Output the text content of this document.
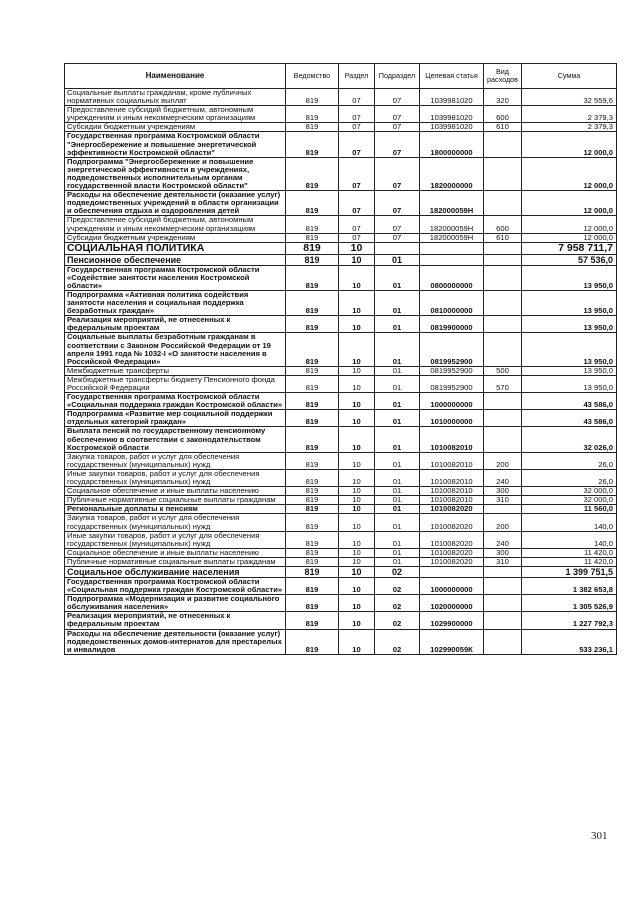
Наименование	Ведомство	Раздел	Подраздел	Целевая статья	Вид расходов	Сумма
Социальные выплаты гражданам, кроме публичных нормативных социальных выплат	819	07	07	1039981020	320	32 559,6
Предоставление субсидий бюджетным, автономным учреждениям и иным некоммерческим организациям	819	07	07	1039981020	600	2 379,3
Субсидии бюджетным учреждениям	819	07	07	1039981020	610	2 379,3
Государственная программа Костромской области "Энергосбережение и повышение энергетической эффективности Костромской области"	819	07	07	1800000000		12 000,0
Подпрограмма "Энергосбережение и повышение энергетической эффективности в учреждениях, подведомственных исполнительным органам государственной власти Костромской области"	819	07	07	1820000000		12 000,0
Расходы на обеспечение деятельности (оказание услуг) подведомственных учреждений в области организации и обеспечения отдыха и оздоровления детей	819	07	07	182000059Н		12 000,0
Предоставление субсидий бюджетным, автономным учреждениям и иным некоммерческим организациям	819	07	07	182000059Н	600	12 000,0
Субсидии бюджетным учреждениям	819	07	07	182000059Н	610	12 000,0
СОЦИАЛЬНАЯ ПОЛИТИКА	819	10				7 958 711,7
Пенсионное обеспечение	819	10	01			57 536,0
Государственная программа Костромской области «Содействие занятости населения Костромской области»	819	10	01	0800000000		13 950,0
Подпрограмма «Активная политика содействия занятости населения и социальная поддержка безработных граждан»	819	10	01	0810000000		13 950,0
Реализация мероприятий, не отнесенных к федеральным проектам	819	10	01	0819900000		13 950,0
Социальные выплаты безработным гражданам в соответствии с Законом Российской Федерации от 19 апреля 1991 года № 1032-I «О занятости населения в Российской Федерации»	819	10	01	0819952900		13 950,0
Межбюджетные трансферты	819	10	01	0819952900	500	13 950,0
Межбюджетные трансферты бюджету Пенсионного фонда Российской Федерации	819	10	01	0819952900	570	13 950,0
Государственная программа Костромской области «Социальная поддержка граждан Костромской области»	819	10	01	1000000000		43 586,0
Подпрограмма «Развитие мер социальной поддержки отдельных категорий граждан»	819	10	01	1010000000		43 586,0
Выплата пенсий по государственному пенсионному обеспечению в соответствии с законодательством Костромской области	819	10	01	1010082010		32 026,0
Закупка товаров, работ и услуг для обеспечения государственных (муниципальных) нужд	819	10	01	1010082010	200	26,0
Иные закупки товаров, работ и услуг для обеспечения государственных (муниципальных) нужд	819	10	01	1010082010	240	26,0
Социальное обеспечение и иные выплаты населению	819	10	01	1010082010	300	32 000,0
Публичные нормативные социальные выплаты гражданам	819	10	01	1010082010	310	32 000,0
Региональные доплаты к пенсиям	819	10	01	1010082020		11 560,0
Закупка товаров, работ и услуг для обеспечения государственных (муниципальных) нужд	819	10	01	1010082020	200	140,0
Иные закупки товаров, работ и услуг для обеспечения государственных (муниципальных) нужд	819	10	01	1010082020	240	140,0
Социальное обеспечение и иные выплаты населению	819	10	01	1010082020	300	11 420,0
Публичные нормативные социальные выплаты гражданам	819	10	01	1010082020	310	11 420,0
Социальное обслуживание населения	819	10	02			1 399 751,5
Государственная программа Костромской области «Социальная поддержка граждан Костромской области»	819	10	02	1000000000		1 382 653,8
Подпрограмма «Модернизация и развитие социального обслуживания населения»	819	10	02	1020000000		1 305 526,9
Реализация мероприятий, не отнесенных к федеральным проектам	819	10	02	1029900000		1 227 792,3
Расходы на обеспечение деятельности (оказание услуг) подведомственных домов-интернатов для престарелых и инвалидов	819	10	02	102990059К		533 236,1
301
